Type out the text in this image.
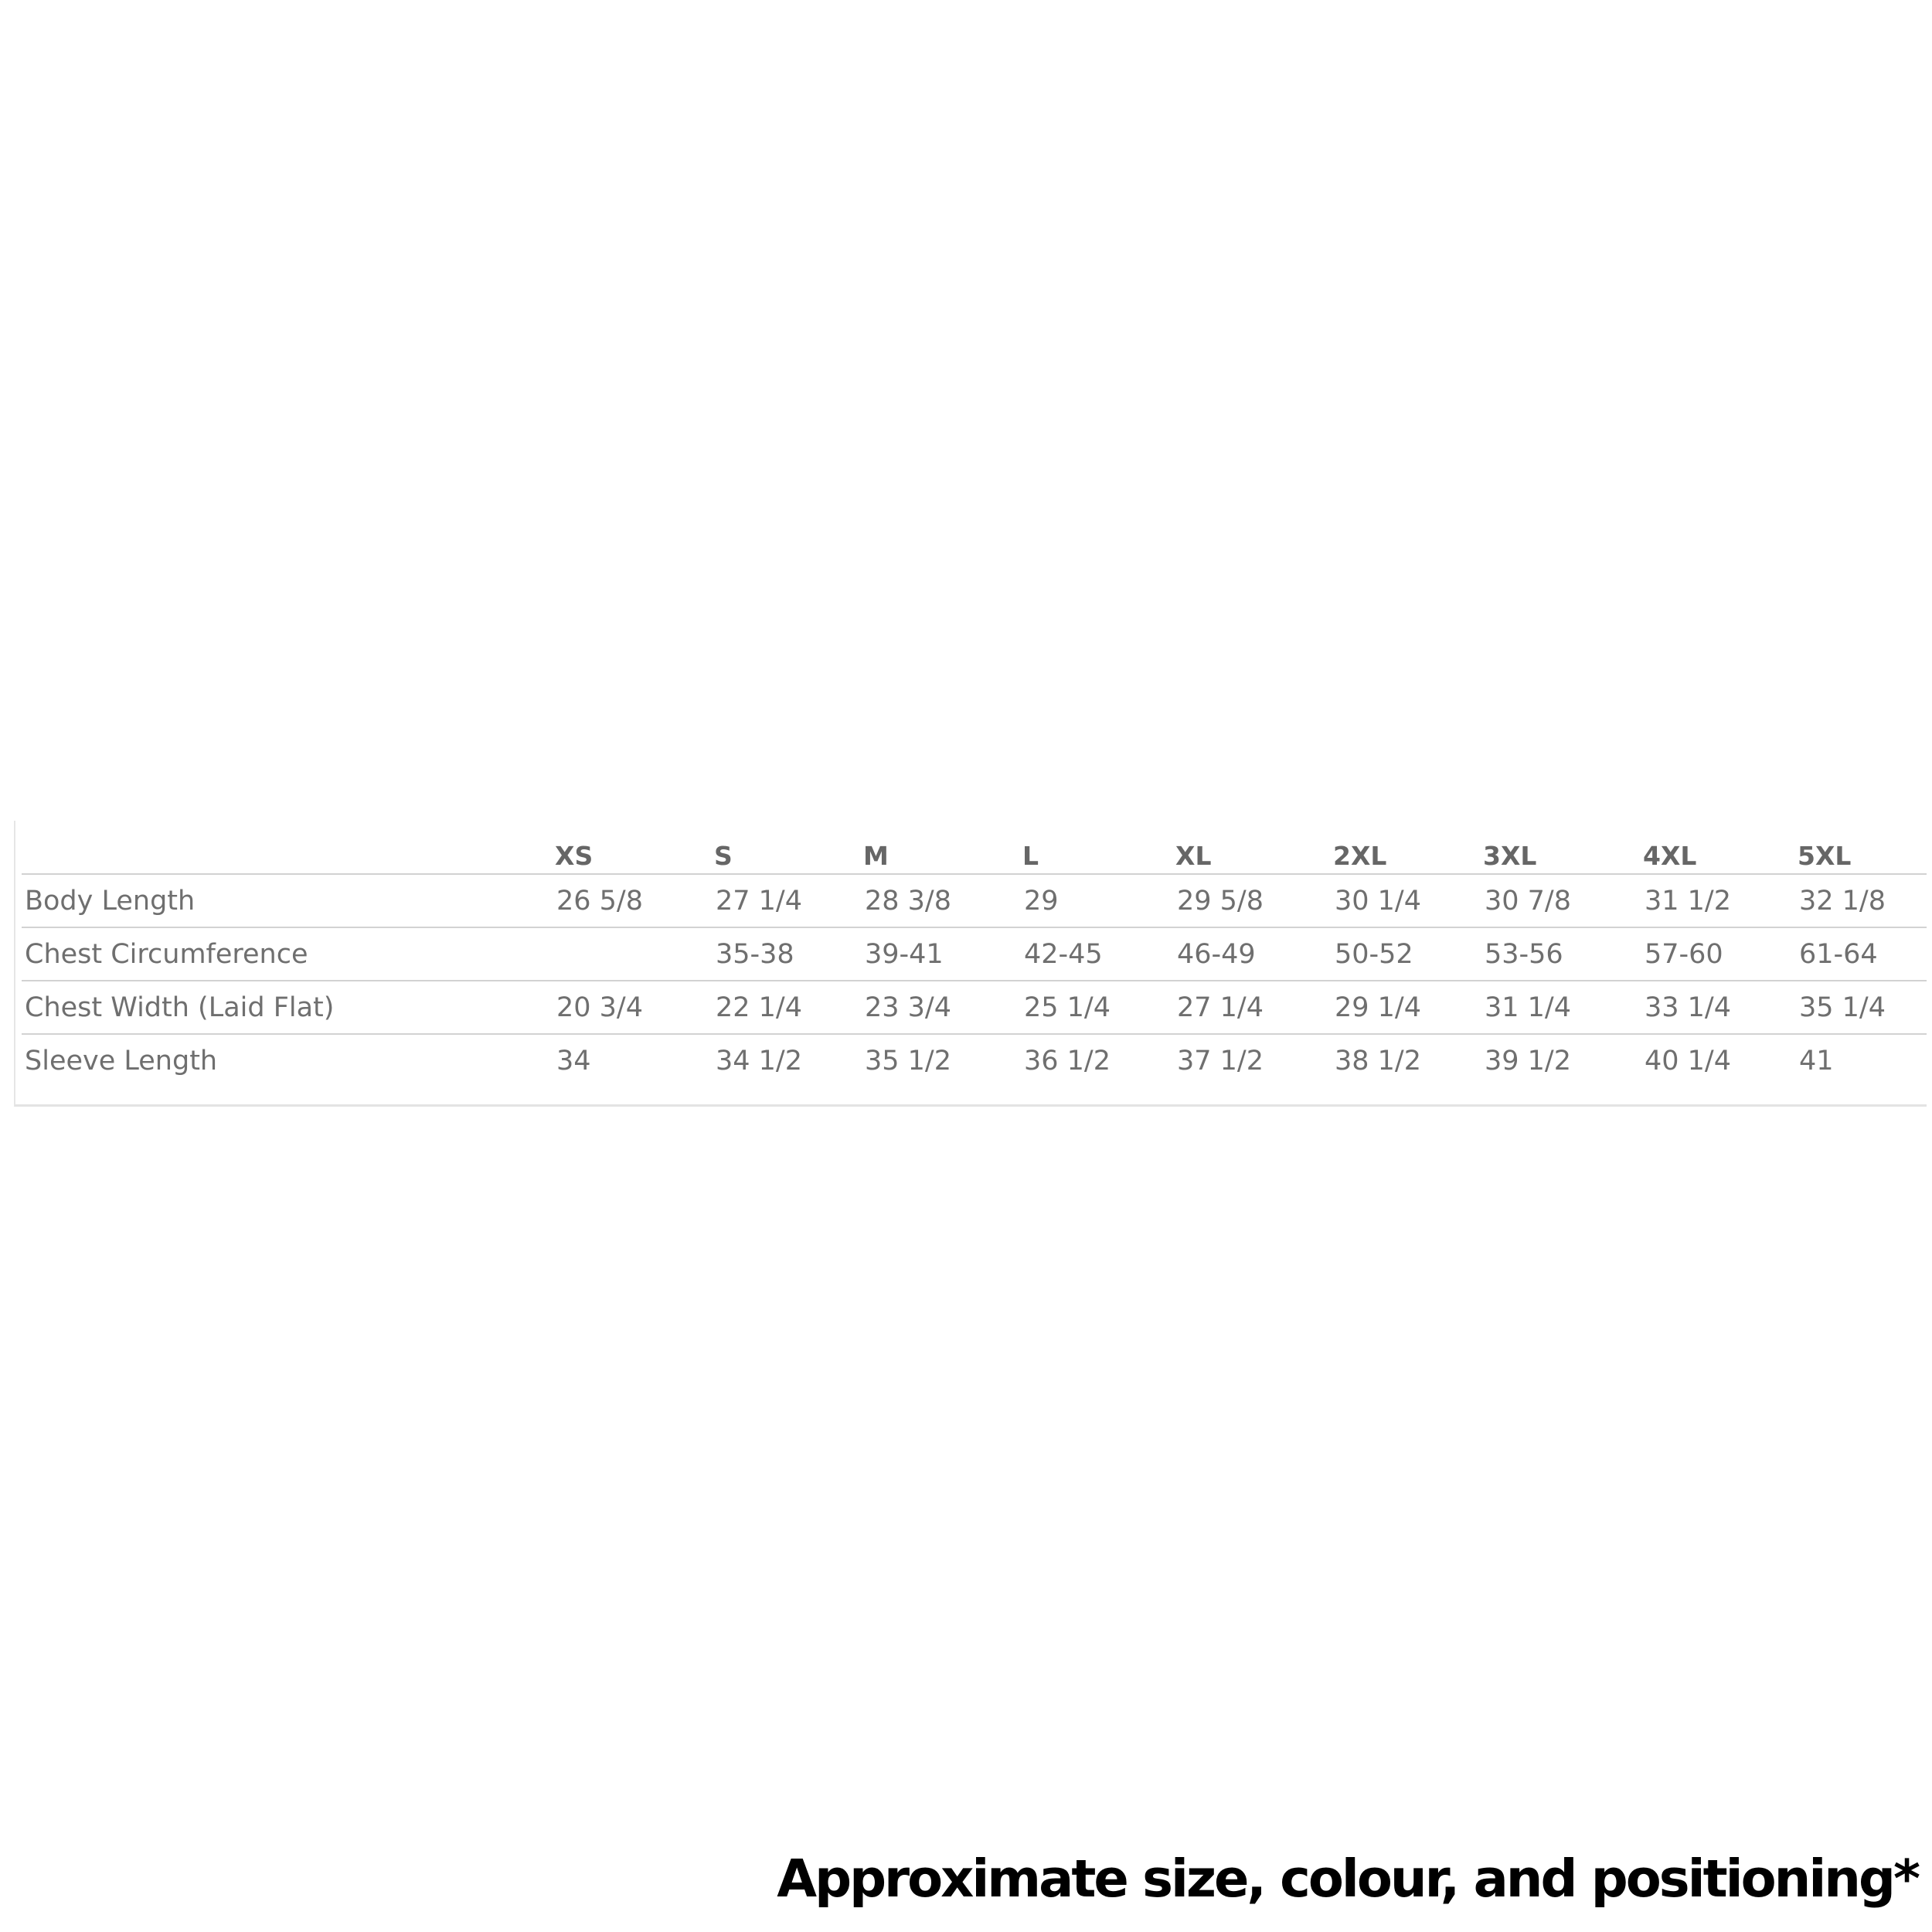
	XS	S	M	L	XL	2XL	3XL	4XL	5XL
Body Length	26 5/8	27 1/4	28 3/8	29	29 5/8	30 1/4	30 7/8	31 1/2	32 1/8
Chest Circumference		35-38	39-41	42-45	46-49	50-52	53-56	57-60	61-64
Chest Width (Laid Flat)	20 3/4	22 1/4	23 3/4	25 1/4	27 1/4	29 1/4	31 1/4	33 1/4	35 1/4
Sleeve Length	34	34 1/2	35 1/2	36 1/2	37 1/2	38 1/2	39 1/2	40 1/4	41
Approximate size, colour, and positioning*
